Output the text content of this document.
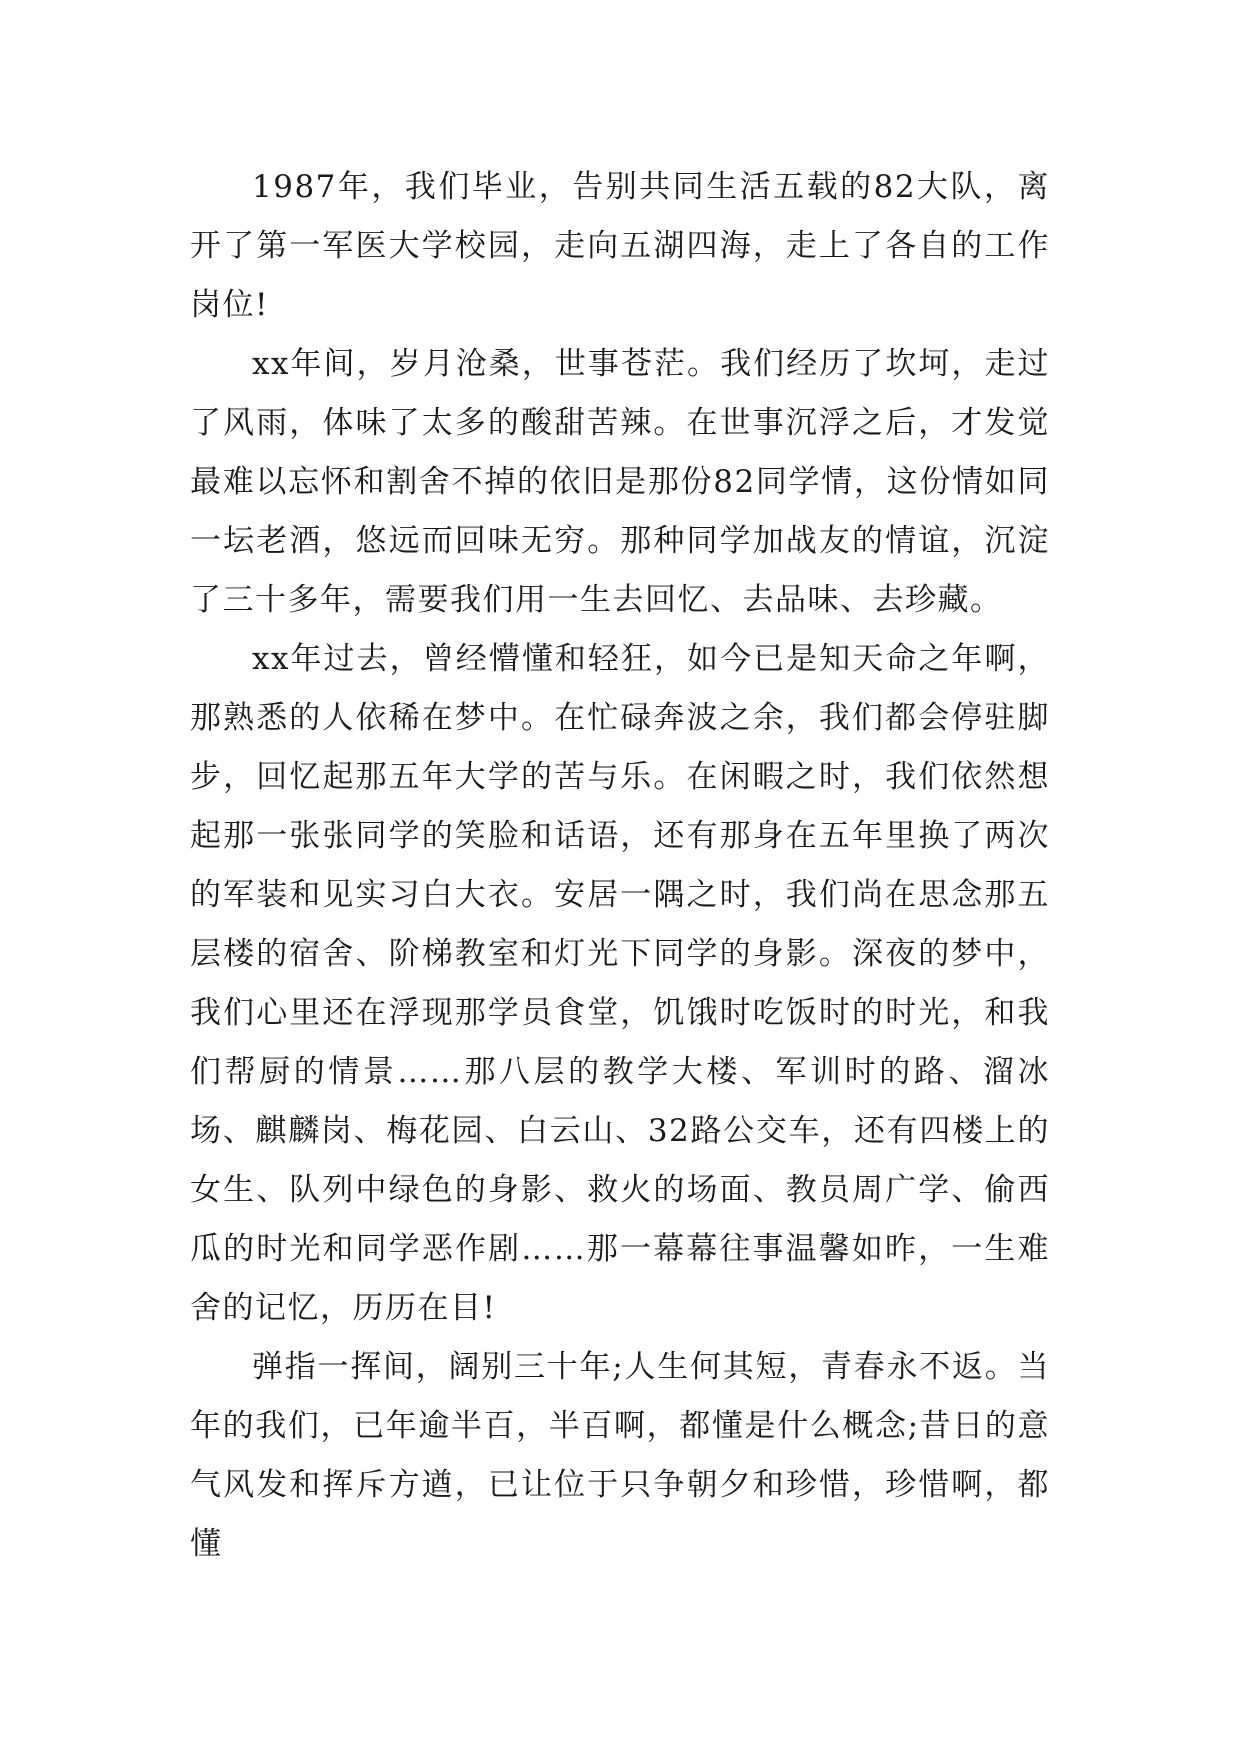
1987年，我们毕业，告别共同生活五载的82大队，离开了第一军医大学校园，走向五湖四海，走上了各自的工作岗位!

xx年间，岁月沧桑，世事苍茫。我们经历了坎坷，走过了风雨，体味了太多的酸甜苦辣。在世事沉浮之后，才发觉最难以忘怀和割舍不掉的依旧是那份82同学情，这份情如同一坛老酒，悠远而回味无穷。那种同学加战友的情谊，沉淀了三十多年，需要我们用一生去回忆、去品味、去珍藏。

xx年过去，曾经懵懂和轻狂，如今已是知天命之年啊，那熟悉的人依稀在梦中。在忙碌奔波之余，我们都会停驻脚步，回忆起那五年大学的苦与乐。在闲暇之时，我们依然想起那一张张同学的笑脸和话语，还有那身在五年里换了两次的军装和见实习白大衣。安居一隅之时，我们尚在思念那五层楼的宿舍、阶梯教室和灯光下同学的身影。深夜的梦中，我们心里还在浮现那学员食堂，饥饿时吃饭时的时光，和我们帮厨的情景……那八层的教学大楼、军训时的路、溜冰场、麒麟岗、梅花园、白云山、32路公交车，还有四楼上的女生、队列中绿色的身影、救火的场面、教员周广学、偷西瓜的时光和同学恶作剧……那一幕幕往事温馨如昨，一生难舍的记忆，历历在目!

弹指一挥间，阔别三十年;人生何其短，青春永不返。当年的我们，已年逾半百，半百啊，都懂是什么概念;昔日的意气风发和挥斥方遒，已让位于只争朝夕和珍惜，珍惜啊，都懂
